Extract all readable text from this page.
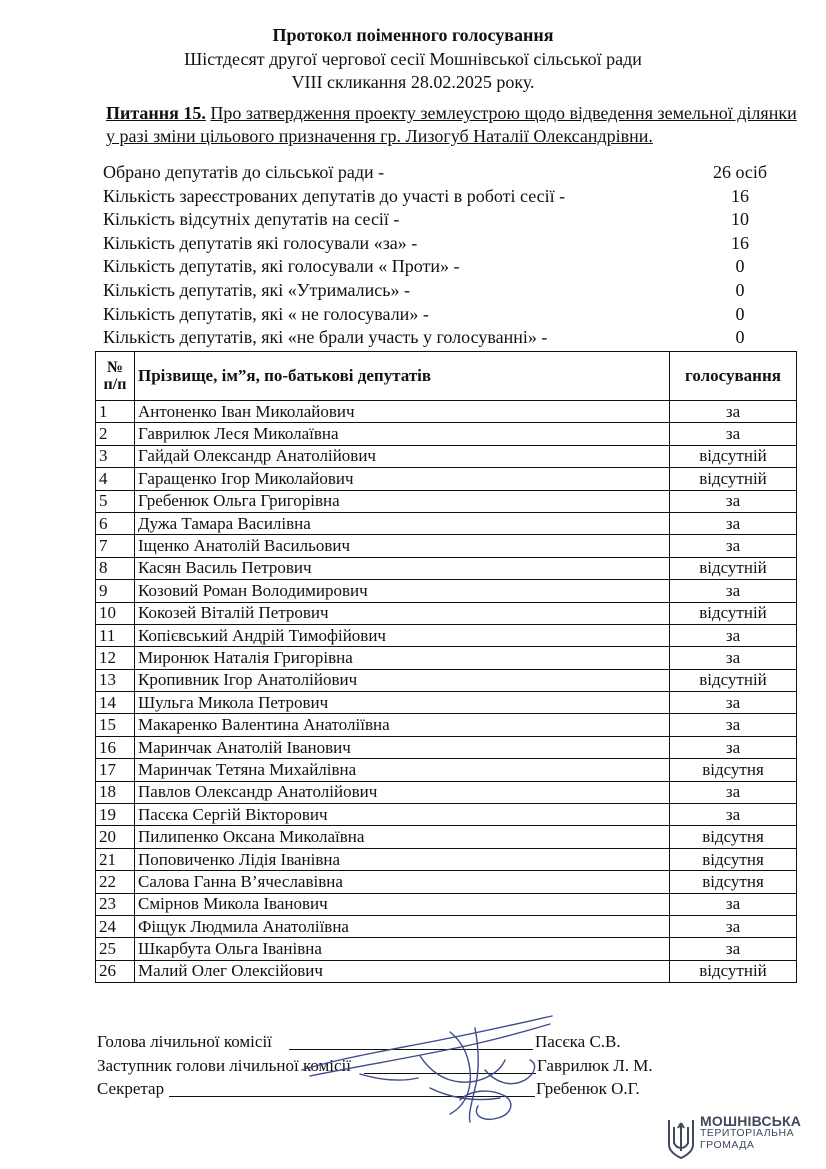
Протокол поіменного голосування
Шістдесят другої чергової сесії Мошнівської сільської ради
VIII скликання 28.02.2025 року.
Питання 15. Про затвердження проекту землеустрою щодо відведення земельної ділянки у разі зміни цільового призначення гр. Лизогуб Наталії Олександрівни.
Обрано депутатів до сільської ради -	26 осіб
Кількість зареєстрованих депутатів до участі в роботі сесії -	16
Кількість відсутніх депутатів на сесії -	10
Кількість депутатів які голосували «за» -	16
Кількість депутатів, які голосували « Проти» -	0
Кількість депутатів, які «Утримались» -	0
Кількість депутатів, які « не голосували» -	0
Кількість депутатів, які «не брали участь у голосуванні» -	0
№
п/п	Прізвище, ім”я, по-батькові депутатів	голосування
1	Антоненко Іван Миколайович	за
2	Гаврилюк Леся Миколаївна	за
3	Гайдай Олександр Анатолійович	відсутній
4	Гаращенко Ігор Миколайович	відсутній
5	Гребенюк Ольга Григорівна	за
6	Дужа Тамара Василівна	за
7	Іщенко Анатолій Васильович	за
8	Касян Василь Петрович	відсутній
9	Козовий Роман Володимирович	за
10	Кокозей Віталій Петрович	відсутній
11	Копієвський Андрій Тимофійович	за
12	Миронюк Наталія Григорівна	за
13	Кропивник Ігор Анатолійович	відсутній
14	Шульга Микола Петрович	за
15	Макаренко Валентина Анатоліївна	за
16	Маринчак Анатолій Іванович	за
17	Маринчак Тетяна Михайлівна	відсутня
18	Павлов Олександр Анатолійович	за
19	Пасєка Сергій Вікторович	за
20	Пилипенко Оксана Миколаївна	відсутня
21	Поповиченко Лідія Іванівна	відсутня
22	Салова Ганна В’ячеславівна	відсутня
23	Смірнов Микола Іванович	за
24	Фіщук Людмила Анатоліївна	за
25	Шкарбута Ольга Іванівна	за
26	Малий Олег Олексійович	відсутній
Голова лічильної комісії	Пасєка С.В.
Заступник голови лічильної комісії	Гаврилюк Л. М.
Секретар	Гребенюк О.Г.
МОШНІВСЬКА
ТЕРИТОРІАЛЬНА
ГРОМАДА
